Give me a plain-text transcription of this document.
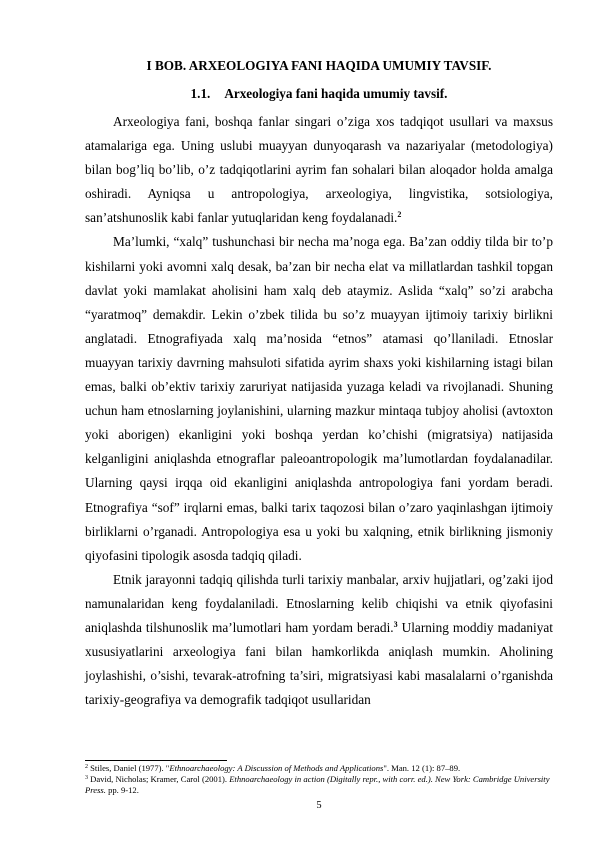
I BOB. ARXEOLOGIYA FANI HAQIDA UMUMIY TAVSIF.
1.1. Arxeologiya fani haqida umumiy tavsif.

Arxeologiya fani, boshqa fanlar singari o’ziga xos tadqiqot usullari va maxsus atamalariga ega. Uning uslubi muayyan dunyoqarash va nazariyalar (metodologiya) bilan bog’liq bo’lib, o’z tadqiqotlarini ayrim fan sohalari bilan aloqador holda amalga oshiradi. Ayniqsa u antropologiya, arxeologiya, lingvistika, sotsiologiya, san’atshunoslik kabi fanlar yutuqlaridan keng foydalanadi.$^2$

Ma’lumki, “xalq” tushunchasi bir necha ma’noga ega. Ba’zan oddiy tilda bir to’p kishilarni yoki avomni xalq desak, ba’zan bir necha elat va millatlardan tashkil topgan davlat yoki mamlakat aholisini ham xalq deb ataymiz. Aslida “xalq” so’zi arabcha “yaratmoq” demakdir. Lekin o’zbek tilida bu so’z muayyan ijtimoiy tarixiy birlikni anglatadi. Etnografiyada xalq ma’nosida “etnos” atamasi qo’llaniladi. Etnoslar muayyan tarixiy davrning mahsuloti sifatida ayrim shaxs yoki kishilarning istagi bilan emas, balki ob’ektiv tarixiy zaruriyat natijasida yuzaga keladi va rivojlanadi. Shuning uchun ham etnoslarning joylanishini, ularning mazkur mintaqa tubjoy aholisi (avtoxton yoki aborigen) ekanligini yoki boshqa yerdan ko’chishi (migratsiya) natijasida kelganligini aniqlashda etnograflar paleoantropologik ma’lumotlardan foydalanadilar. Ularning qaysi irqqa oid ekanligini aniqlashda antropologiya fani yordam beradi. Etnografiya “sof” irqlarni emas, balki tarix taqozosi bilan o’zaro yaqinlashgan ijtimoiy birliklarni o’rganadi. Antropologiya esa u yoki bu xalqning, etnik birlikning jismoniy qiyofasini tipologik asosda tadqiq qiladi.

Etnik jarayonni tadqiq qilishda turli tarixiy manbalar, arxiv hujjatlari, og’zaki ijod namunalaridan keng foydalaniladi. Etnoslarning kelib chiqishi va etnik qiyofasini aniqlashda tilshunoslik ma’lumotlari ham yordam beradi.$^3$ Ularning moddiy madaniyat xususiyatlarini arxeologiya fani bilan hamkorlikda aniqlash mumkin. Aholining joylashishi, o’sishi, tevarak-atrofning ta’siri, migratsiyasi kabi masalalarni o’rganishda tarixiy-geografiya va demografik tadqiqot usullaridan

$^2$ Stiles, Daniel (1977). "Ethnoarchaeology: A Discussion of Methods and Applications". Man. 12 (1): 87–89.

$^3$ David, Nicholas; Kramer, Carol (2001). Ethnoarchaeology in action (Digitally repr., with corr. ed.). New York: Cambridge University Press. pp. 9-12.

5
